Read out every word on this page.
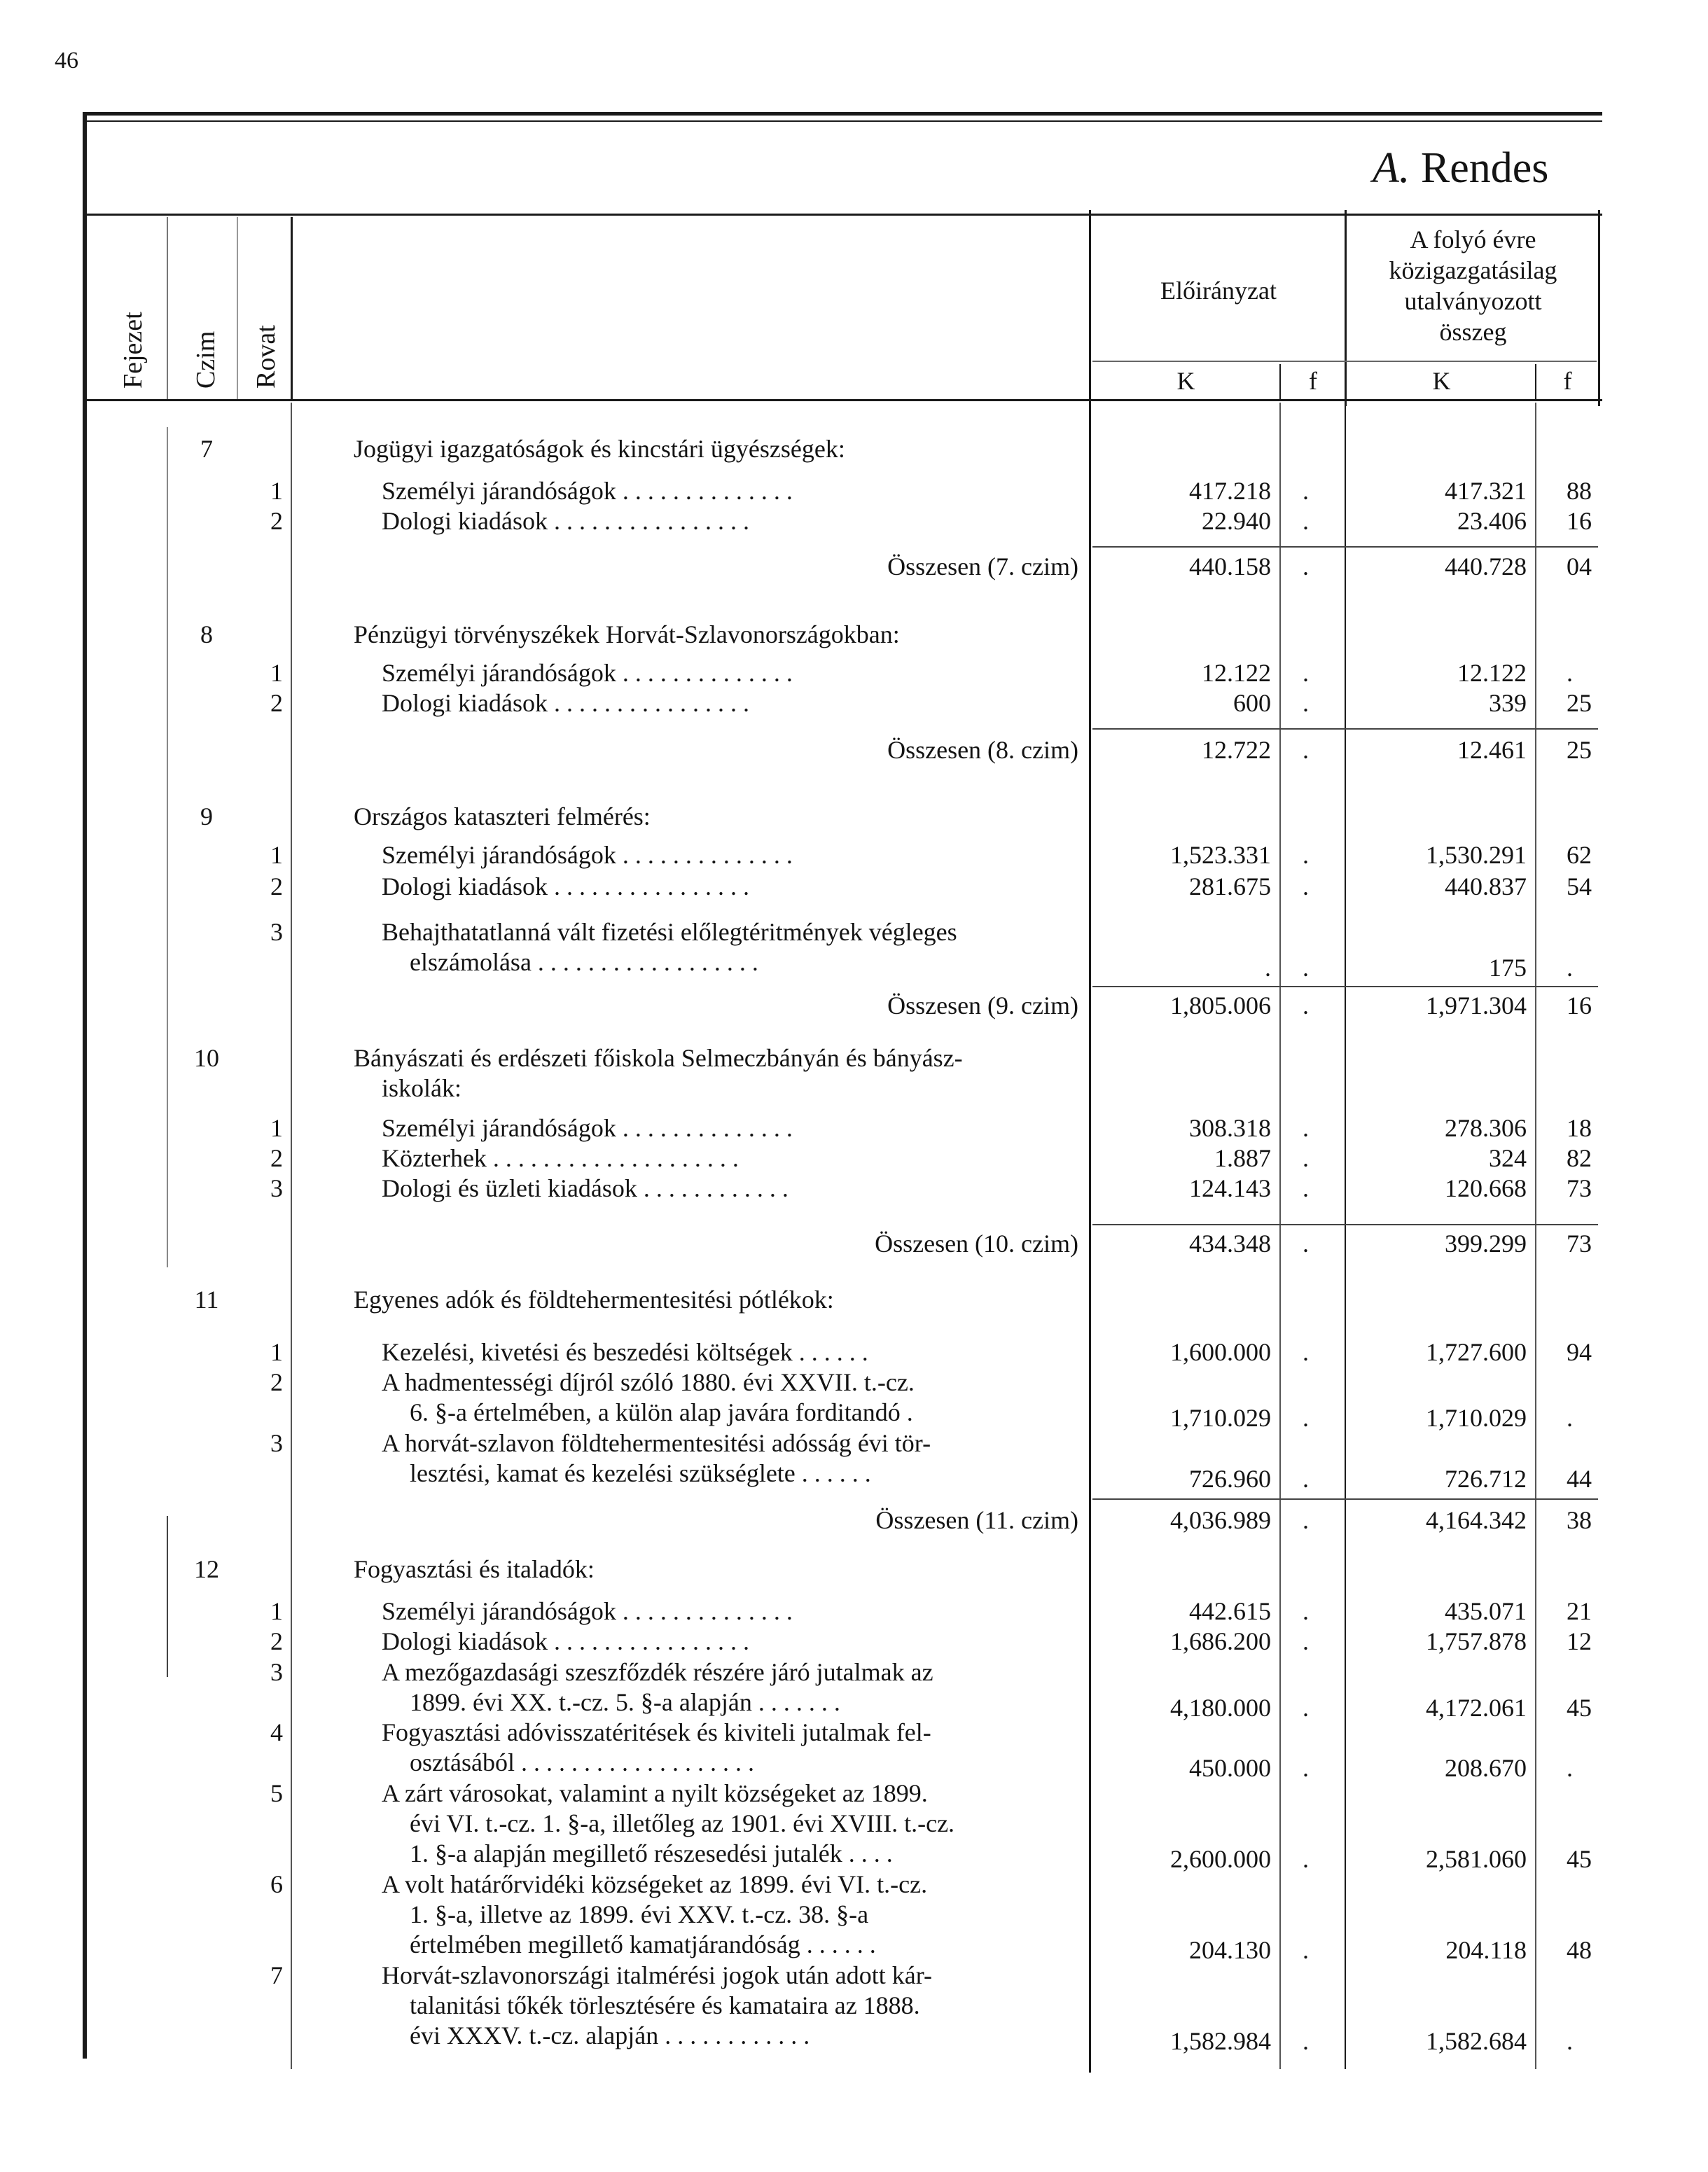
46
A. Rendes
Fejezet Czim Rovat
Előirányzat
A folyó évre
közigazgatásilag
utalványozott
összeg
K	f	K	f
7	Jogügyi igazgatóságok és kincstári ügyészségek:
1	Személyi járandóságok . . . . . . . . . . . . . .	417.218 .	417.321 88
2	Dologi kiadások . . . . . . . . . . . . . . . .	22.940 .	23.406 16
Összesen (7. czim)	440.158 .	440.728 04
8	Pénzügyi törvényszékek Horvát-Szlavonországokban:
1	Személyi járandóságok . . . . . . . . . . . . . .	12.122 .	12.122 .
2	Dologi kiadások . . . . . . . . . . . . . . . .	600 .	339 25
Összesen (8. czim)	12.722 .	12.461 25
9	Országos kataszteri felmérés:
1	Személyi járandóságok . . . . . . . . . . . . . .	1,523.331 .	1,530.291 62
2	Dologi kiadások . . . . . . . . . . . . . . . .	281.675 .	440.837 54
3	Behajthatatlanná vált fizetési előlegtéritmények végleges
elszámolása . . . . . . . . . . . . . . . . . .	. .	175 .
Összesen (9. czim)	1,805.006 .	1,971.304 16
10	Bányászati és erdészeti főiskola Selmeczbányán és bányász-
iskolák:
1	Személyi járandóságok . . . . . . . . . . . . . .	308.318 .	278.306 18
2	Közterhek . . . . . . . . . . . . . . . . . . . .	1.887 .	324 82
3	Dologi és üzleti kiadások . . . . . . . . . . . .	124.143 .	120.668 73
Összesen (10. czim)	434.348 .	399.299 73
11	Egyenes adók és földtehermentesitési pótlékok:
1	Kezelési, kivetési és beszedési költségek . . . . . .	1,600.000 .	1,727.600 94
2	A hadmentességi díjról szóló 1880. évi XXVII. t.-cz.
6. §-a értelmében, a külön alap javára forditandó .	1,710.029 .	1,710.029 .
3	A horvát-szlavon földtehermentesitési adósság évi tör-
lesztési, kamat és kezelési szükséglete . . . . . .	726.960 .	726.712 44
Összesen (11. czim)	4,036.989 .	4,164.342 38
12	Fogyasztási és italadók:
1	Személyi járandóságok . . . . . . . . . . . . . .	442.615 .	435.071 21
2	Dologi kiadások . . . . . . . . . . . . . . . .	1,686.200 .	1,757.878 12
3	A mezőgazdasági szeszfőzdék részére járó jutalmak az
1899. évi XX. t.-cz. 5. §-a alapján . . . . . . .	4,180.000 .	4,172.061 45
4	Fogyasztási adóvisszatéritések és kiviteli jutalmak fel-
osztásából . . . . . . . . . . . . . . . . . . .	450.000 .	208.670 .
5	A zárt városokat, valamint a nyilt községeket az 1899.
évi VI. t.-cz. 1. §-a, illetőleg az 1901. évi XVIII. t.-cz.
1. §-a alapján megillető részesedési jutalék . . . .	2,600.000 .	2,581.060 45
6	A volt határőrvidéki községeket az 1899. évi VI. t.-cz.
1. §-a, illetve az 1899. évi XXV. t.-cz. 38. §-a
értelmében megillető kamatjárandóság . . . . . .	204.130 .	204.118 48
7	Horvát-szlavonországi italmérési jogok után adott kár-
talanitási tőkék törlesztésére és kamataira az 1888.
évi XXXV. t.-cz. alapján . . . . . . . . . . . .	1,582.984 .	1,582.684 .
